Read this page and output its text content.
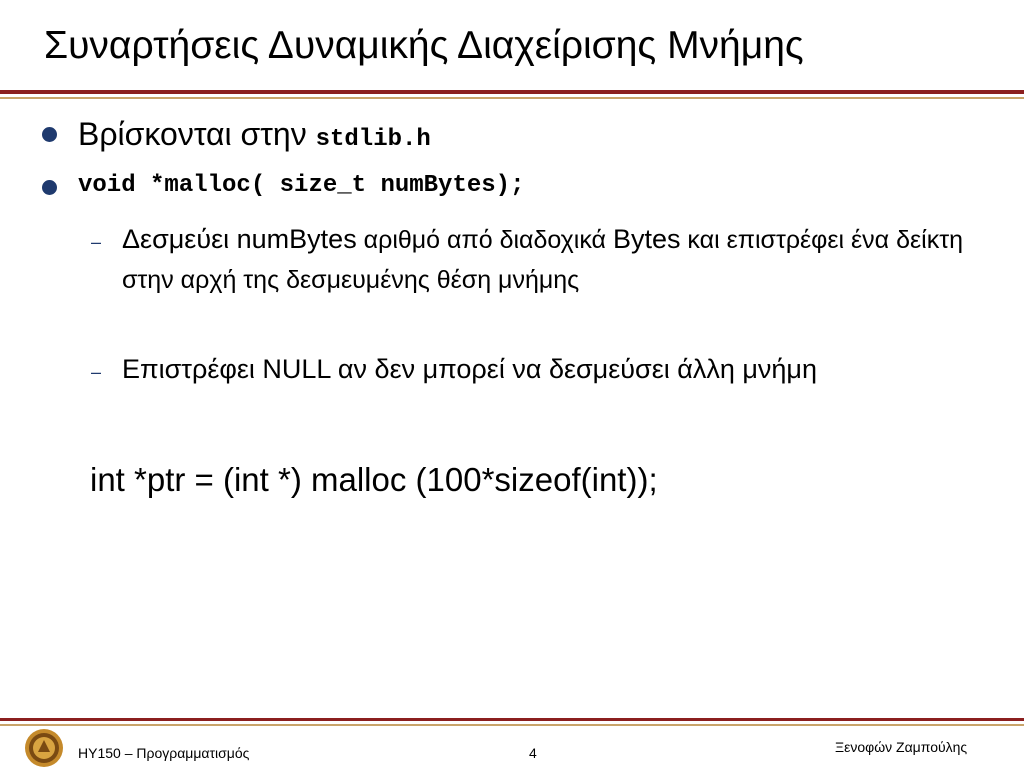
Συναρτήσεις Δυναμικής Διαχείρισης Μνήμης
Βρίσκονται στην stdlib.h
void *malloc( size_t numBytes);
– Δεσμεύει numBytes αριθμό από διαδοχικά Bytes και επιστρέφει ένα δείκτη στην αρχή της δεσμευμένης θέση μνήμης
– Επιστρέφει NULL αν δεν μπορεί να δεσμεύσει άλλη μνήμη
int *ptr = (int *) malloc (100*sizeof(int));
ΗΥ150 – Προγραμματισμός	4	Ξενοφών Ζαμπούλης
